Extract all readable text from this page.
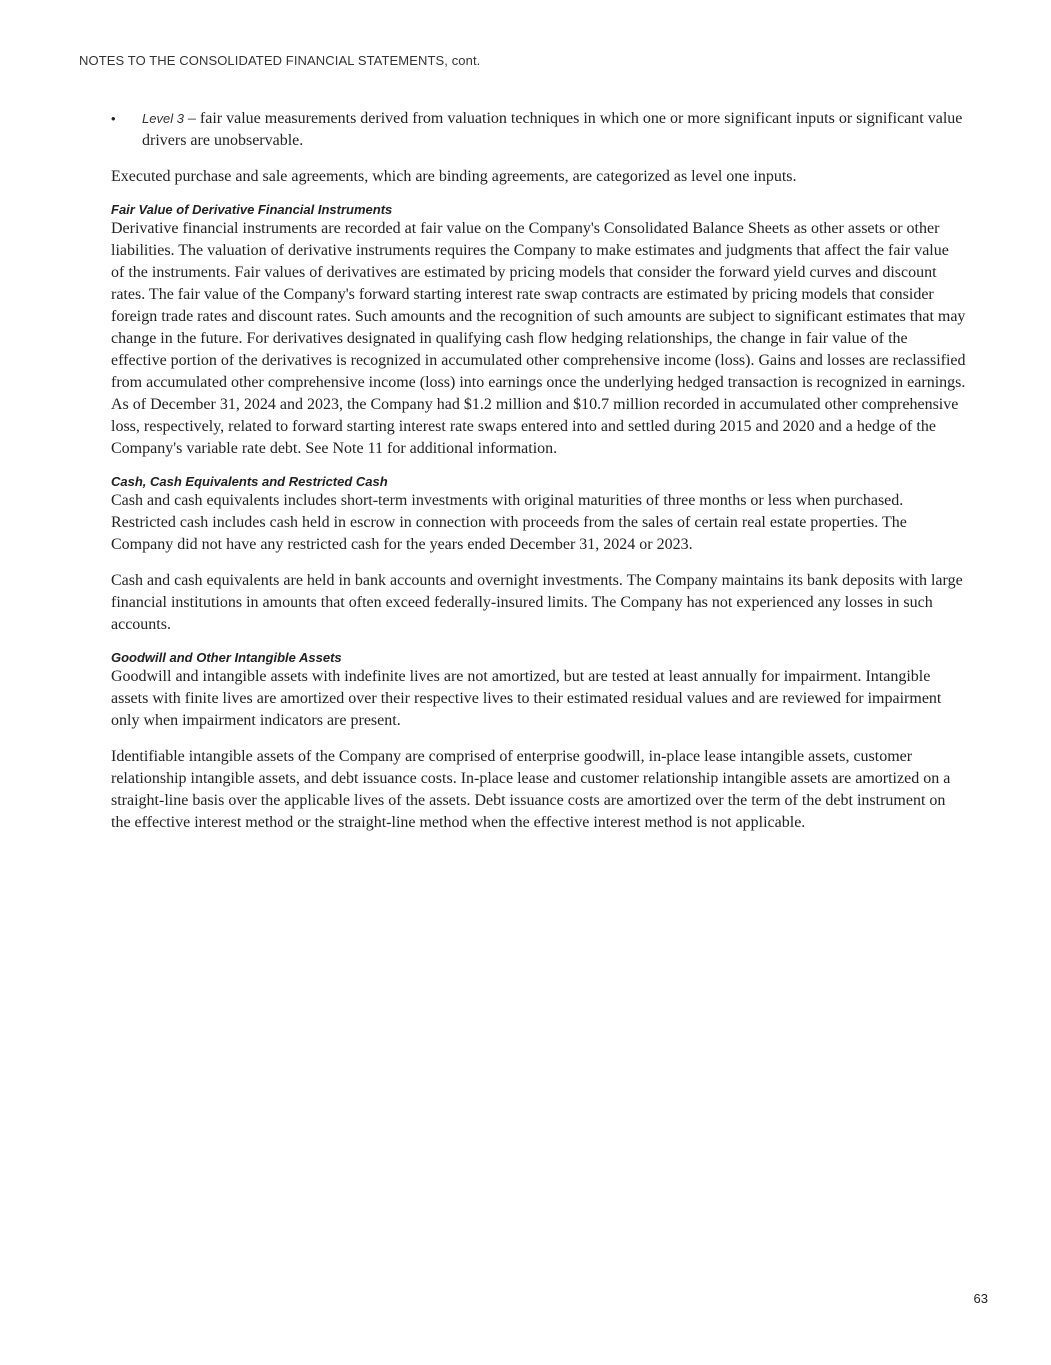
NOTES TO THE CONSOLIDATED FINANCIAL STATEMENTS, cont.
• Level 3 – fair value measurements derived from valuation techniques in which one or more significant inputs or significant value drivers are unobservable.

Executed purchase and sale agreements, which are binding agreements, are categorized as level one inputs.

Fair Value of Derivative Financial Instruments

Derivative financial instruments are recorded at fair value on the Company's Consolidated Balance Sheets as other assets or other liabilities. The valuation of derivative instruments requires the Company to make estimates and judgments that affect the fair value of the instruments. Fair values of derivatives are estimated by pricing models that consider the forward yield curves and discount rates. The fair value of the Company's forward starting interest rate swap contracts are estimated by pricing models that consider foreign trade rates and discount rates. Such amounts and the recognition of such amounts are subject to significant estimates that may change in the future. For derivatives designated in qualifying cash flow hedging relationships, the change in fair value of the effective portion of the derivatives is recognized in accumulated other comprehensive income (loss). Gains and losses are reclassified from accumulated other comprehensive income (loss) into earnings once the underlying hedged transaction is recognized in earnings. As of December 31, 2024 and 2023, the Company had $1.2 million and $10.7 million recorded in accumulated other comprehensive loss, respectively, related to forward starting interest rate swaps entered into and settled during 2015 and 2020 and a hedge of the Company's variable rate debt. See Note 11 for additional information.

Cash, Cash Equivalents and Restricted Cash

Cash and cash equivalents includes short-term investments with original maturities of three months or less when purchased. Restricted cash includes cash held in escrow in connection with proceeds from the sales of certain real estate properties. The Company did not have any restricted cash for the years ended December 31, 2024 or 2023.

Cash and cash equivalents are held in bank accounts and overnight investments. The Company maintains its bank deposits with large financial institutions in amounts that often exceed federally-insured limits. The Company has not experienced any losses in such accounts.

Goodwill and Other Intangible Assets

Goodwill and intangible assets with indefinite lives are not amortized, but are tested at least annually for impairment. Intangible assets with finite lives are amortized over their respective lives to their estimated residual values and are reviewed for impairment only when impairment indicators are present.

Identifiable intangible assets of the Company are comprised of enterprise goodwill, in-place lease intangible assets, customer relationship intangible assets, and debt issuance costs. In-place lease and customer relationship intangible assets are amortized on a straight-line basis over the applicable lives of the assets. Debt issuance costs are amortized over the term of the debt instrument on the effective interest method or the straight-line method when the effective interest method is not applicable.

63
